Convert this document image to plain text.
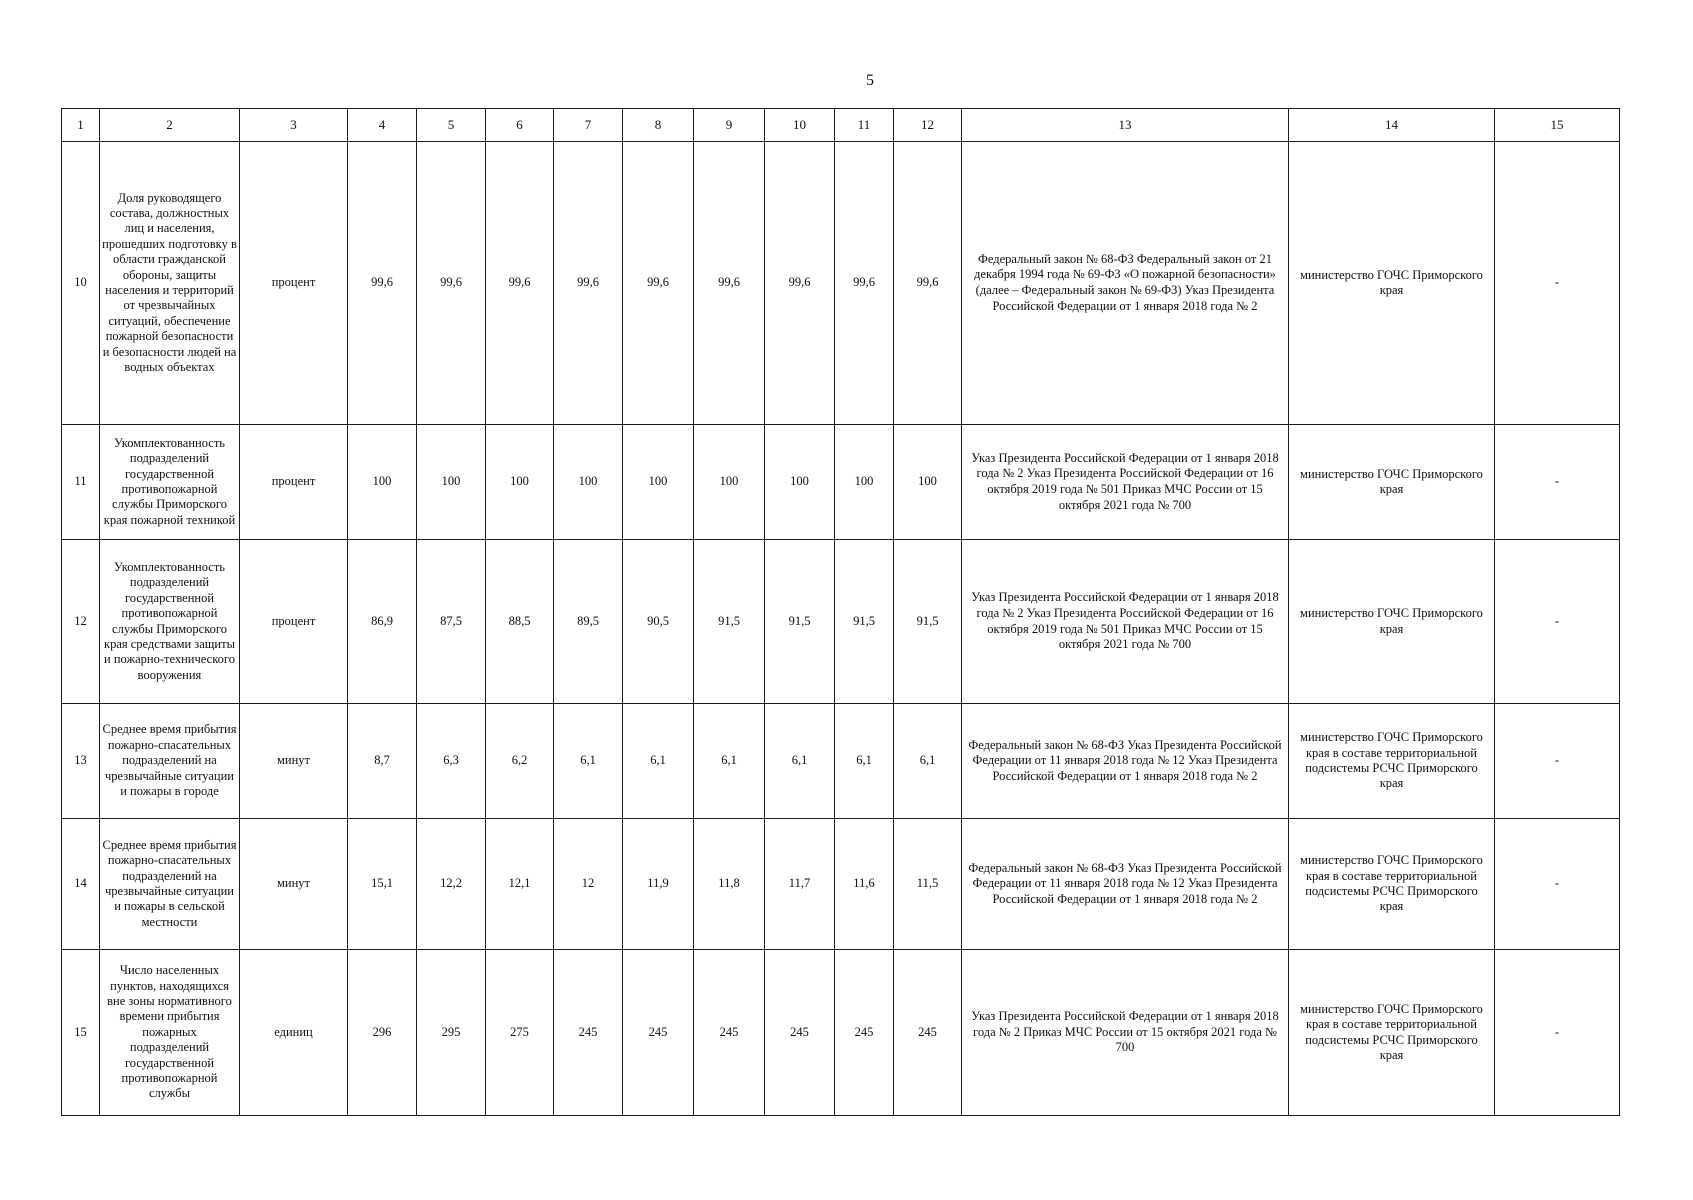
5
1	2	3	4	5	6	7	8	9	10	11	12	13	14	15
10	Доля руководящего состава, должностных лиц и населения, прошедших подготовку в области гражданской обороны, защиты населения и территорий от чрезвычайных ситуаций, обеспечение пожарной безопасности и безопасности людей на водных объектах	процент	99,6	99,6	99,6	99,6	99,6	99,6	99,6	99,6	99,6	Федеральный закон № 68-ФЗ Федеральный закон от 21 декабря 1994 года № 69-ФЗ «О пожарной безопасности» (далее – Федеральный закон № 69-ФЗ) Указ Президента Российской Федерации от 1 января 2018 года № 2	министерство ГОЧС Приморского края	-
11	Укомплектованность подразделений государственной противопожарной службы Приморского края пожарной техникой	процент	100	100	100	100	100	100	100	100	100	Указ Президента Российской Федерации от 1 января 2018 года № 2 Указ Президента Российской Федерации от 16 октября 2019 года № 501 Приказ МЧС России от 15 октября 2021 года № 700	министерство ГОЧС Приморского края	-
12	Укомплектованность подразделений государственной противопожарной службы Приморского края средствами защиты и пожарно-технического вооружения	процент	86,9	87,5	88,5	89,5	90,5	91,5	91,5	91,5	91,5	Указ Президента Российской Федерации от 1 января 2018 года № 2 Указ Президента Российской Федерации от 16 октября 2019 года № 501 Приказ МЧС России от 15 октября 2021 года № 700	министерство ГОЧС Приморского края	-
13	Среднее время прибытия пожарно-спасательных подразделений на чрезвычайные ситуации и пожары в городе	минут	8,7	6,3	6,2	6,1	6,1	6,1	6,1	6,1	6,1	Федеральный закон № 68-ФЗ Указ Президента Российской Федерации от 11 января 2018 года № 12 Указ Президента Российской Федерации от 1 января 2018 года № 2	министерство ГОЧС Приморского края в составе территориальной подсистемы РСЧС Приморского края	-
14	Среднее время прибытия пожарно-спасательных подразделений на чрезвычайные ситуации и пожары в сельской местности	минут	15,1	12,2	12,1	12	11,9	11,8	11,7	11,6	11,5	Федеральный закон № 68-ФЗ Указ Президента Российской Федерации от 11 января 2018 года № 12 Указ Президента Российской Федерации от 1 января 2018 года № 2	министерство ГОЧС Приморского края в составе территориальной подсистемы РСЧС Приморского края	-
15	Число населенных пунктов, находящихся вне зоны нормативного времени прибытия пожарных подразделений государственной противопожарной службы	единиц	296	295	275	245	245	245	245	245	245	Указ Президента Российской Федерации от 1 января 2018 года № 2 Приказ МЧС России от 15 октября 2021 года № 700	министерство ГОЧС Приморского края в составе территориальной подсистемы РСЧС Приморского края	-
